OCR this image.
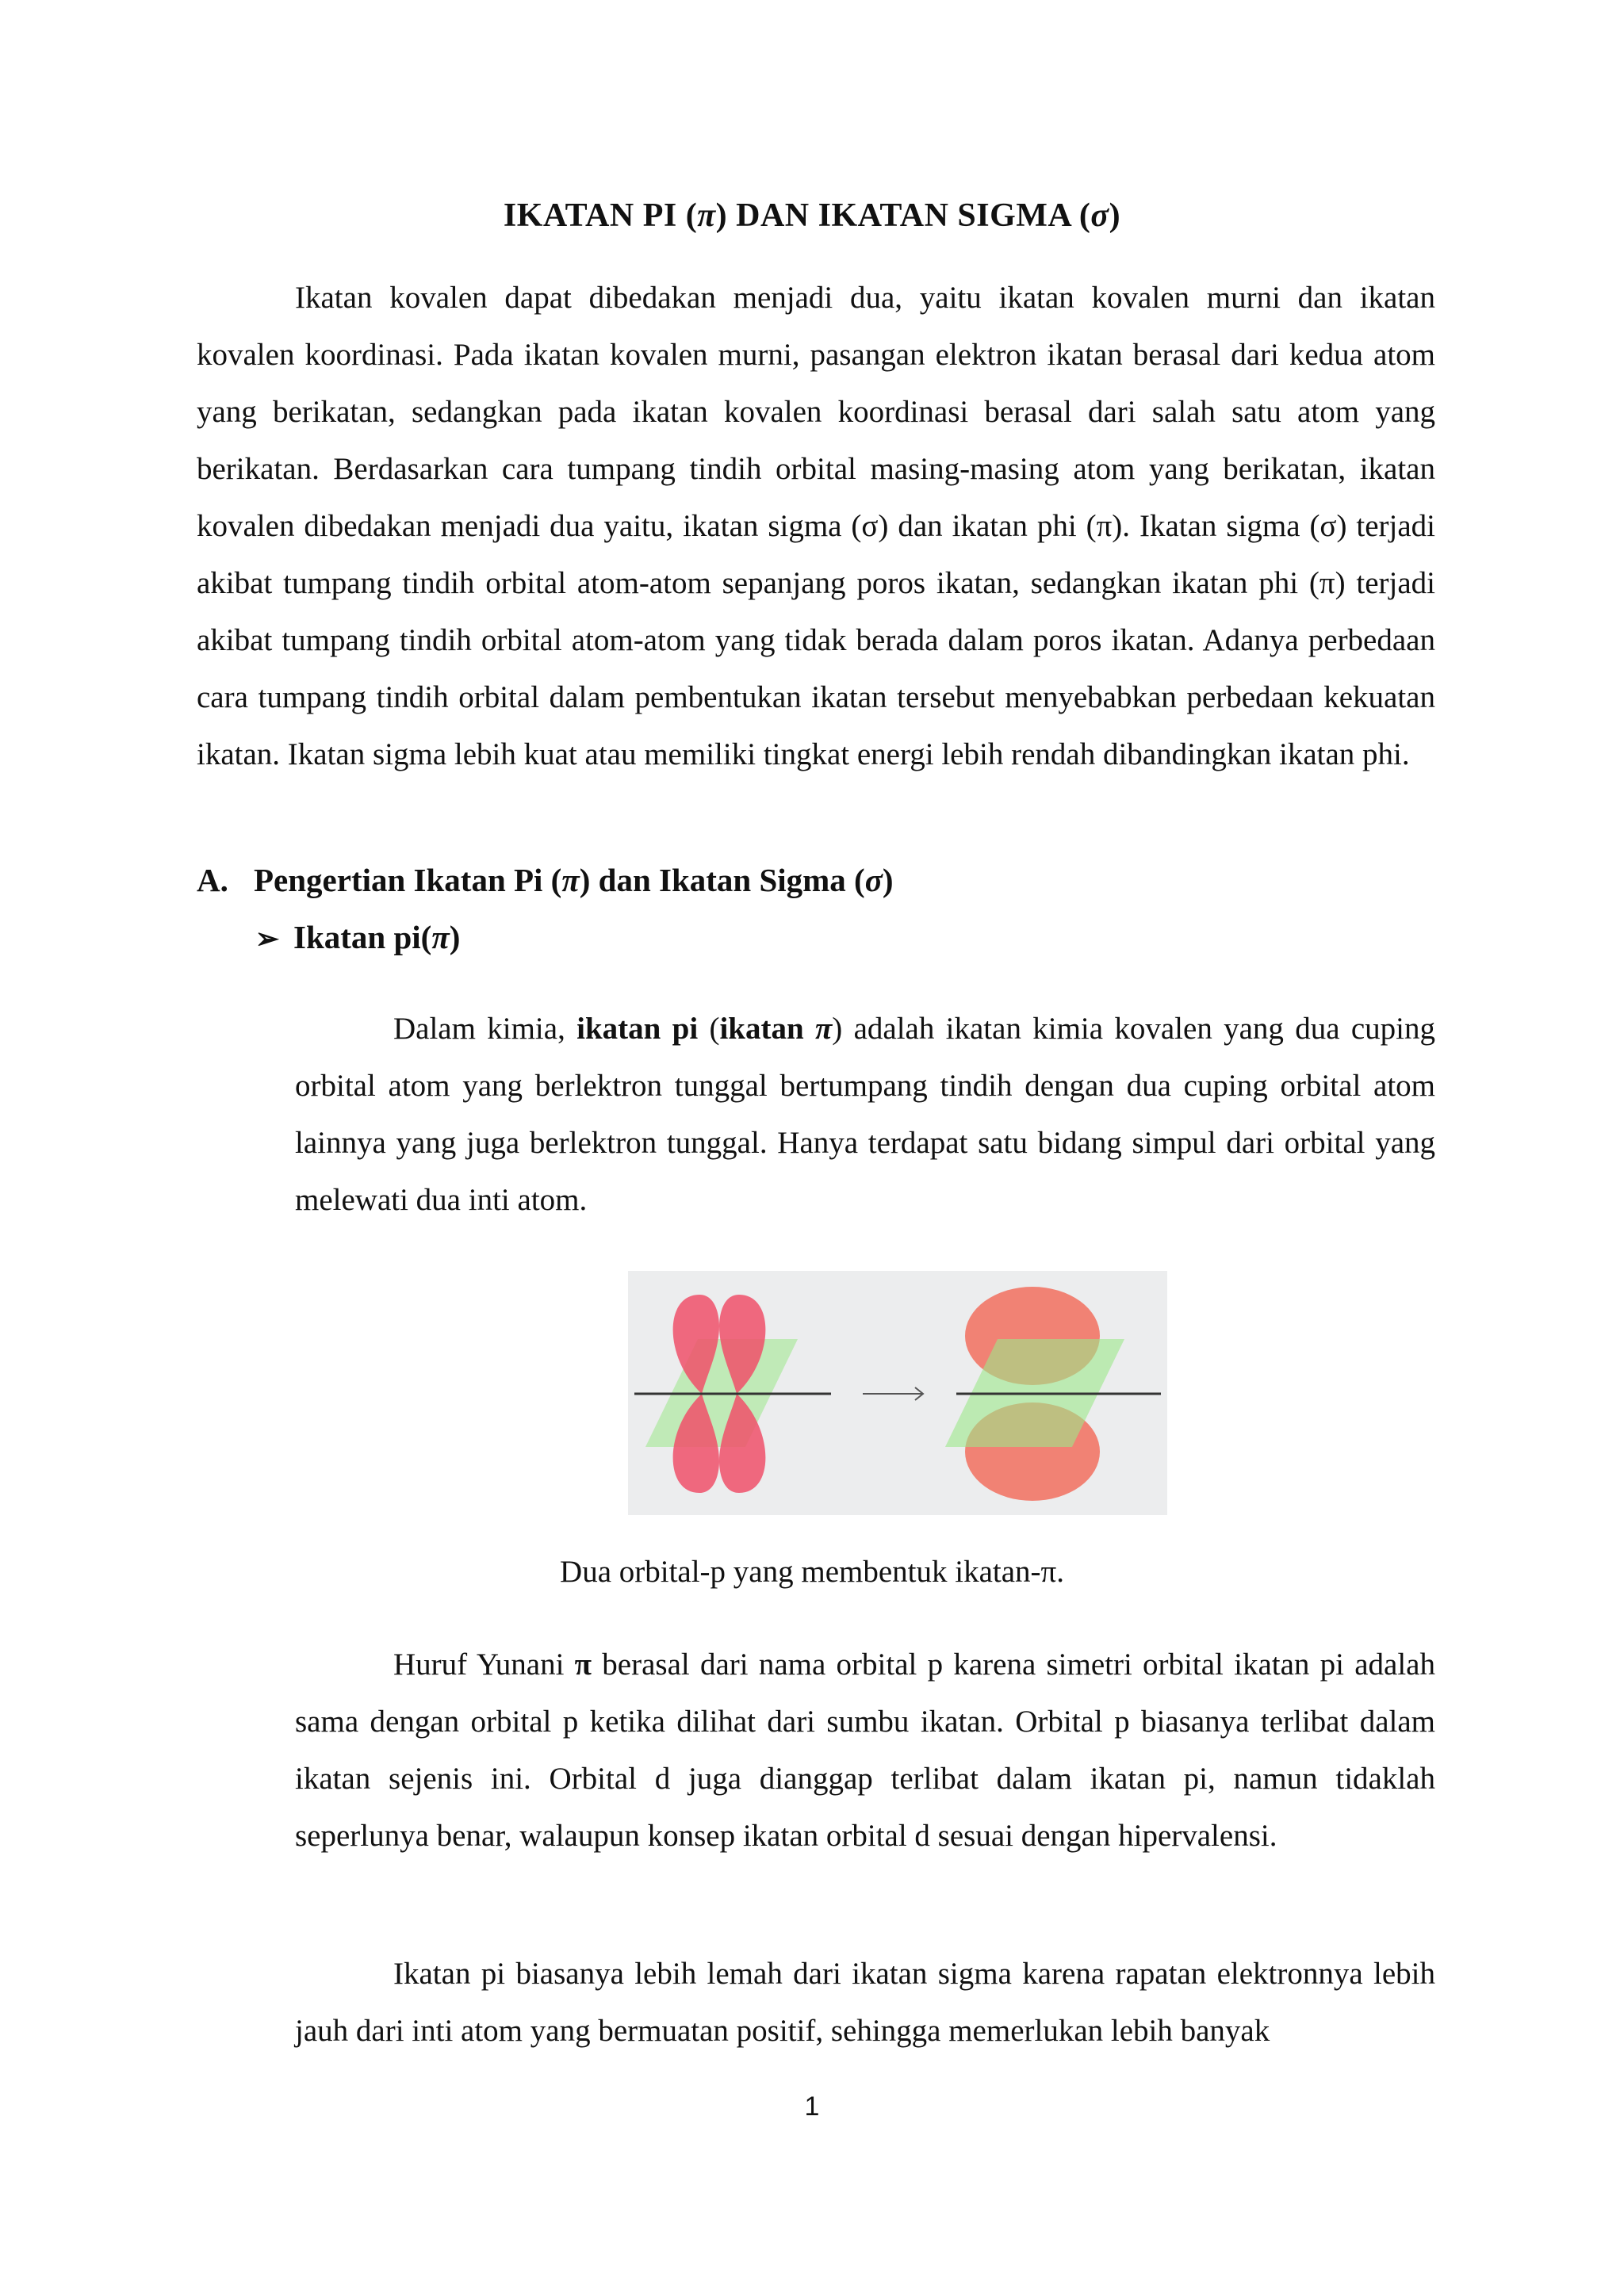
IKATAN PI (π) DAN IKATAN SIGMA (σ)

Ikatan kovalen dapat dibedakan menjadi dua, yaitu ikatan kovalen murni dan ikatan kovalen koordinasi. Pada ikatan kovalen murni, pasangan elektron ikatan berasal dari kedua atom yang berikatan, sedangkan pada ikatan kovalen koordinasi berasal dari salah satu atom yang berikatan. Berdasarkan cara tumpang tindih orbital masing-masing atom yang berikatan, ikatan kovalen dibedakan menjadi dua yaitu, ikatan sigma (σ) dan ikatan phi (π). Ikatan sigma (σ) terjadi akibat tumpang tindih orbital atom-atom sepanjang poros ikatan, sedangkan ikatan phi (π) terjadi akibat tumpang tindih orbital atom-atom yang tidak berada dalam poros ikatan. Adanya perbedaan cara tumpang tindih orbital dalam pembentukan ikatan tersebut menyebabkan perbedaan kekuatan ikatan. Ikatan sigma lebih kuat atau memiliki tingkat energi lebih rendah dibandingkan ikatan phi.

A. Pengertian Ikatan Pi (π) dan Ikatan Sigma (σ)
➢ Ikatan pi(π)

Dalam kimia, ikatan pi (ikatan π) adalah ikatan kimia kovalen yang dua cuping orbital atom yang berlektron tunggal bertumpang tindih dengan dua cuping orbital atom lainnya yang juga berlektron tunggal. Hanya terdapat satu bidang simpul dari orbital yang melewati dua inti atom.

Dua orbital-p yang membentuk ikatan-π.

Huruf Yunani π berasal dari nama orbital p karena simetri orbital ikatan pi adalah sama dengan orbital p ketika dilihat dari sumbu ikatan. Orbital p biasanya terlibat dalam ikatan sejenis ini. Orbital d juga dianggap terlibat dalam ikatan pi, namun tidaklah seperlunya benar, walaupun konsep ikatan orbital d sesuai dengan hipervalensi.

Ikatan pi biasanya lebih lemah dari ikatan sigma karena rapatan elektronnya lebih jauh dari inti atom yang bermuatan positif, sehingga memerlukan lebih banyak

1
